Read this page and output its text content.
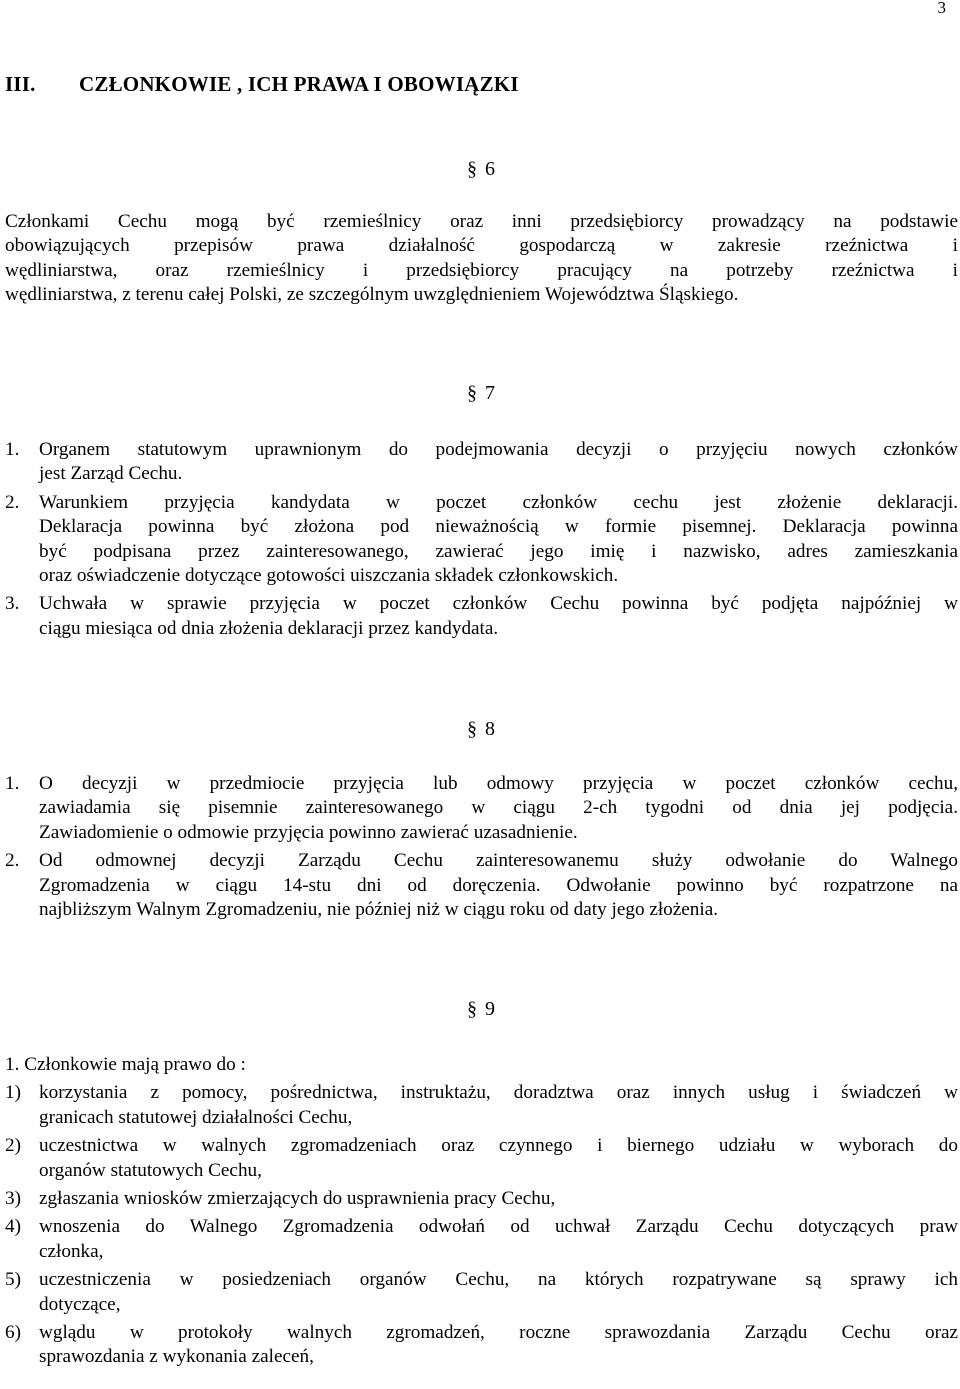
3
III. CZŁONKOWIE , ICH PRAWA I OBOWIĄZKI
§ 6
Członkami Cechu mogą być rzemieślnicy oraz inni przedsiębiorcy prowadzący na podstawie
obowiązujących przepisów prawa działalność gospodarczą w zakresie rzeźnictwa i
wędliniarstwa, oraz rzemieślnicy i przedsiębiorcy pracujący na potrzeby rzeźnictwa i
wędliniarstwa, z terenu całej Polski, ze szczególnym uwzględnieniem Województwa Śląskiego.
§ 7
1.	Organem statutowym uprawnionym do podejmowania decyzji o przyjęciu nowych członków
jest Zarząd Cechu.
2.	Warunkiem przyjęcia kandydata w poczet członków cechu jest złożenie deklaracji.
Deklaracja powinna być złożona pod nieważnością w formie pisemnej. Deklaracja powinna
być podpisana przez zainteresowanego, zawierać jego imię i nazwisko, adres zamieszkania
oraz oświadczenie dotyczące gotowości uiszczania składek członkowskich.
3.	Uchwała w sprawie przyjęcia w poczet członków Cechu powinna być podjęta najpóźniej w
ciągu miesiąca od dnia złożenia deklaracji przez kandydata.
§ 8
1.	O decyzji w przedmiocie przyjęcia lub odmowy przyjęcia w poczet członków cechu,
zawiadamia się pisemnie zainteresowanego w ciągu 2-ch tygodni od dnia jej podjęcia.
Zawiadomienie o odmowie przyjęcia powinno zawierać uzasadnienie.
2.	Od odmownej decyzji Zarządu Cechu zainteresowanemu służy odwołanie do Walnego
Zgromadzenia w ciągu 14-stu dni od doręczenia. Odwołanie powinno być rozpatrzone na
najbliższym Walnym Zgromadzeniu, nie później niż w ciągu roku od daty jego złożenia.
§ 9

1. Członkowie mają prawo do :

1) korzystania z pomocy, pośrednictwa, instruktażu, doradztwa oraz innych usług i świadczeń w
granicach statutowej działalności Cechu,
2) uczestnictwa w walnych zgromadzeniach oraz czynnego i biernego udziału w wyborach do
organów statutowych Cechu,
3) zgłaszania wniosków zmierzających do usprawnienia pracy Cechu,
4) wnoszenia do Walnego Zgromadzenia odwołań od uchwał Zarządu Cechu dotyczących praw
członka,
5) uczestniczenia w posiedzeniach organów Cechu, na których rozpatrywane są sprawy ich
dotyczące,
6) wglądu w protokoły walnych zgromadzeń, roczne sprawozdania Zarządu Cechu oraz
sprawozdania z wykonania zaleceń,
